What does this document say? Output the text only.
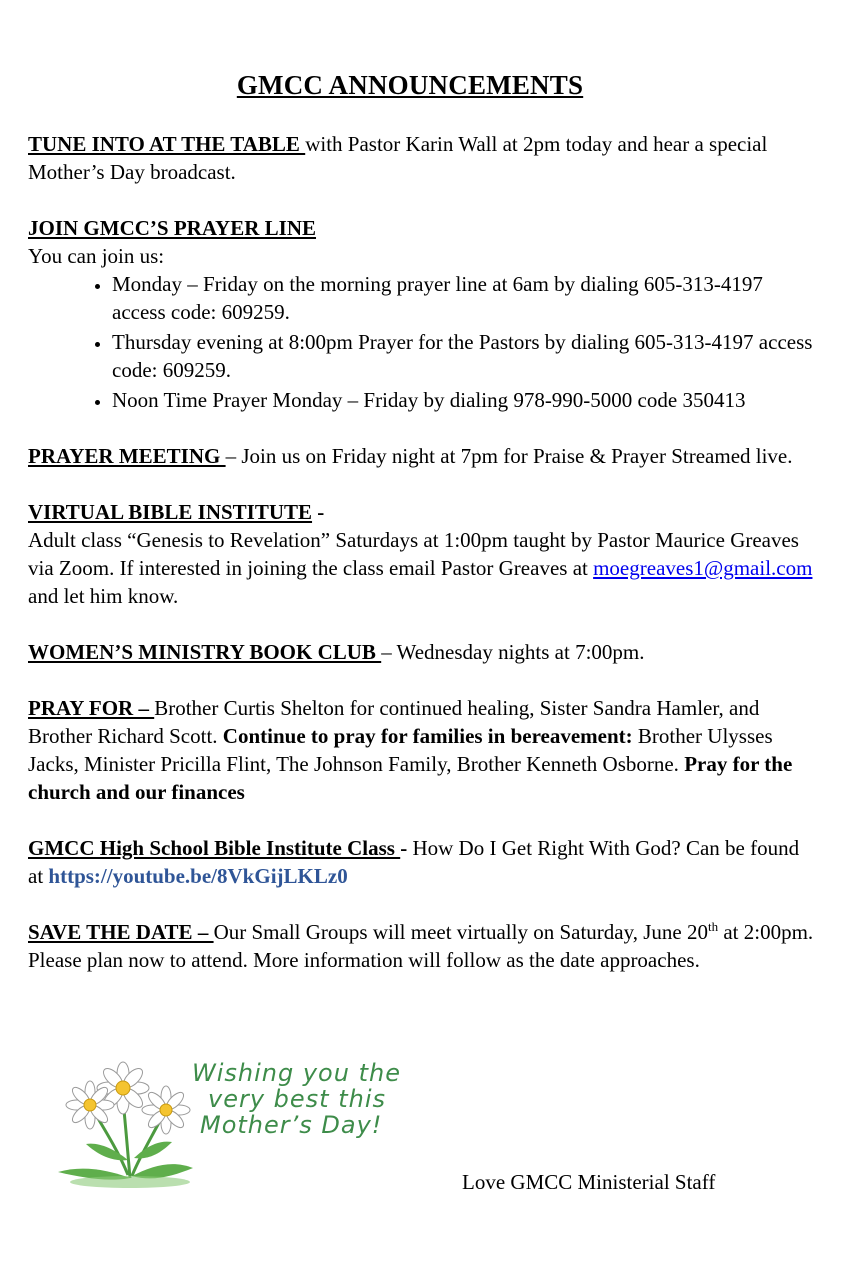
GMCC ANNOUNCEMENTS
TUNE INTO AT THE TABLE with Pastor Karin Wall at 2pm today and hear a special Mother’s Day broadcast.
JOIN GMCC’S PRAYER LINE
You can join us:
• Monday – Friday on the morning prayer line at 6am by dialing 605-313-4197 access code: 609259.
• Thursday evening at 8:00pm Prayer for the Pastors by dialing 605-313-4197 access code: 609259.
• Noon Time Prayer Monday – Friday by dialing 978-990-5000 code 350413
PRAYER MEETING – Join us on Friday night at 7pm for Praise & Prayer Streamed live.
VIRTUAL BIBLE INSTITUTE -
Adult class “Genesis to Revelation” Saturdays at 1:00pm taught by Pastor Maurice Greaves via Zoom. If interested in joining the class email Pastor Greaves at moegreaves1@gmail.com and let him know.
WOMEN’S MINISTRY BOOK CLUB – Wednesday nights at 7:00pm.
PRAY FOR – Brother Curtis Shelton for continued healing, Sister Sandra Hamler, and Brother Richard Scott. Continue to pray for families in bereavement: Brother Ulysses Jacks, Minister Pricilla Flint, The Johnson Family, Brother Kenneth Osborne. Pray for the church and our finances
GMCC High School Bible Institute Class - How Do I Get Right With God? Can be found at https://youtube.be/8VkGijLKLz0
SAVE THE DATE – Our Small Groups will meet virtually on Saturday, June 20th at 2:00pm. Please plan now to attend. More information will follow as the date approaches.
Wishing you the
very best this
Mother’s Day!
Love GMCC Ministerial Staff
